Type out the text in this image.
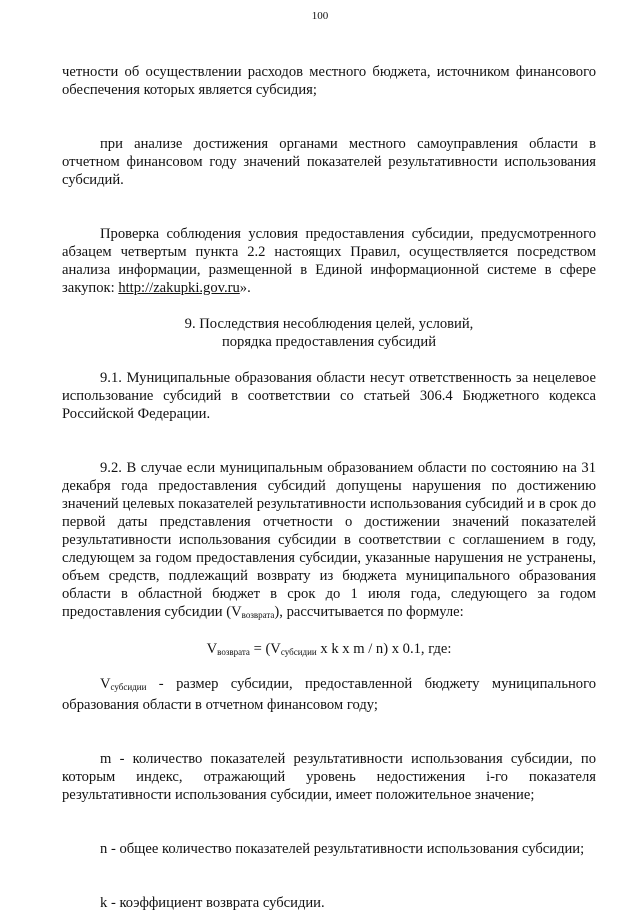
100

четности об осуществлении расходов местного бюджета, источником финансового обеспечения которых является субсидия;

при анализе достижения органами местного самоуправления области в отчетном финансовом году значений показателей результативности использования субсидий.

Проверка соблюдения условия предоставления субсидии, предусмотренного абзацем четвертым пункта 2.2 настоящих Правил, осуществляется посредством анализа информации, размещенной в Единой информационной системе в сфере закупок: http://zakupki.gov.ru».

9. Последствия несоблюдения целей, условий,
порядка предоставления субсидий

9.1. Муниципальные образования области несут ответственность за нецелевое использование субсидий в соответствии со статьей 306.4 Бюджетного кодекса Российской Федерации.

9.2. В случае если муниципальным образованием области по состоянию на 31 декабря года предоставления субсидий допущены нарушения по достижению значений целевых показателей результативности использования субсидий и в срок до первой даты представления отчетности о достижении значений показателей результативности использования субсидии в соответствии с соглашением в году, следующем за годом предоставления субсидии, указанные нарушения не устранены, объем средств, подлежащий возврату из бюджета муниципального образования области в областной бюджет в срок до 1 июля года, следующего за годом предоставления субсидии $(V_{возврата})$, рассчитывается по формуле:

$V_{возврата} = (V_{субсидии}$ x k x m / n) x 0.1, где:

$V_{субсидии}$ - размер субсидии, предоставленной бюджету муниципального образования области в отчетном финансовом году;

m - количество показателей результативности использования субсидии, по которым индекс, отражающий уровень недостижения i-го показателя результативности использования субсидии, имеет положительное значение;

n - общее количество показателей результативности использования субсидии;

k - коэффициент возврата субсидии.
